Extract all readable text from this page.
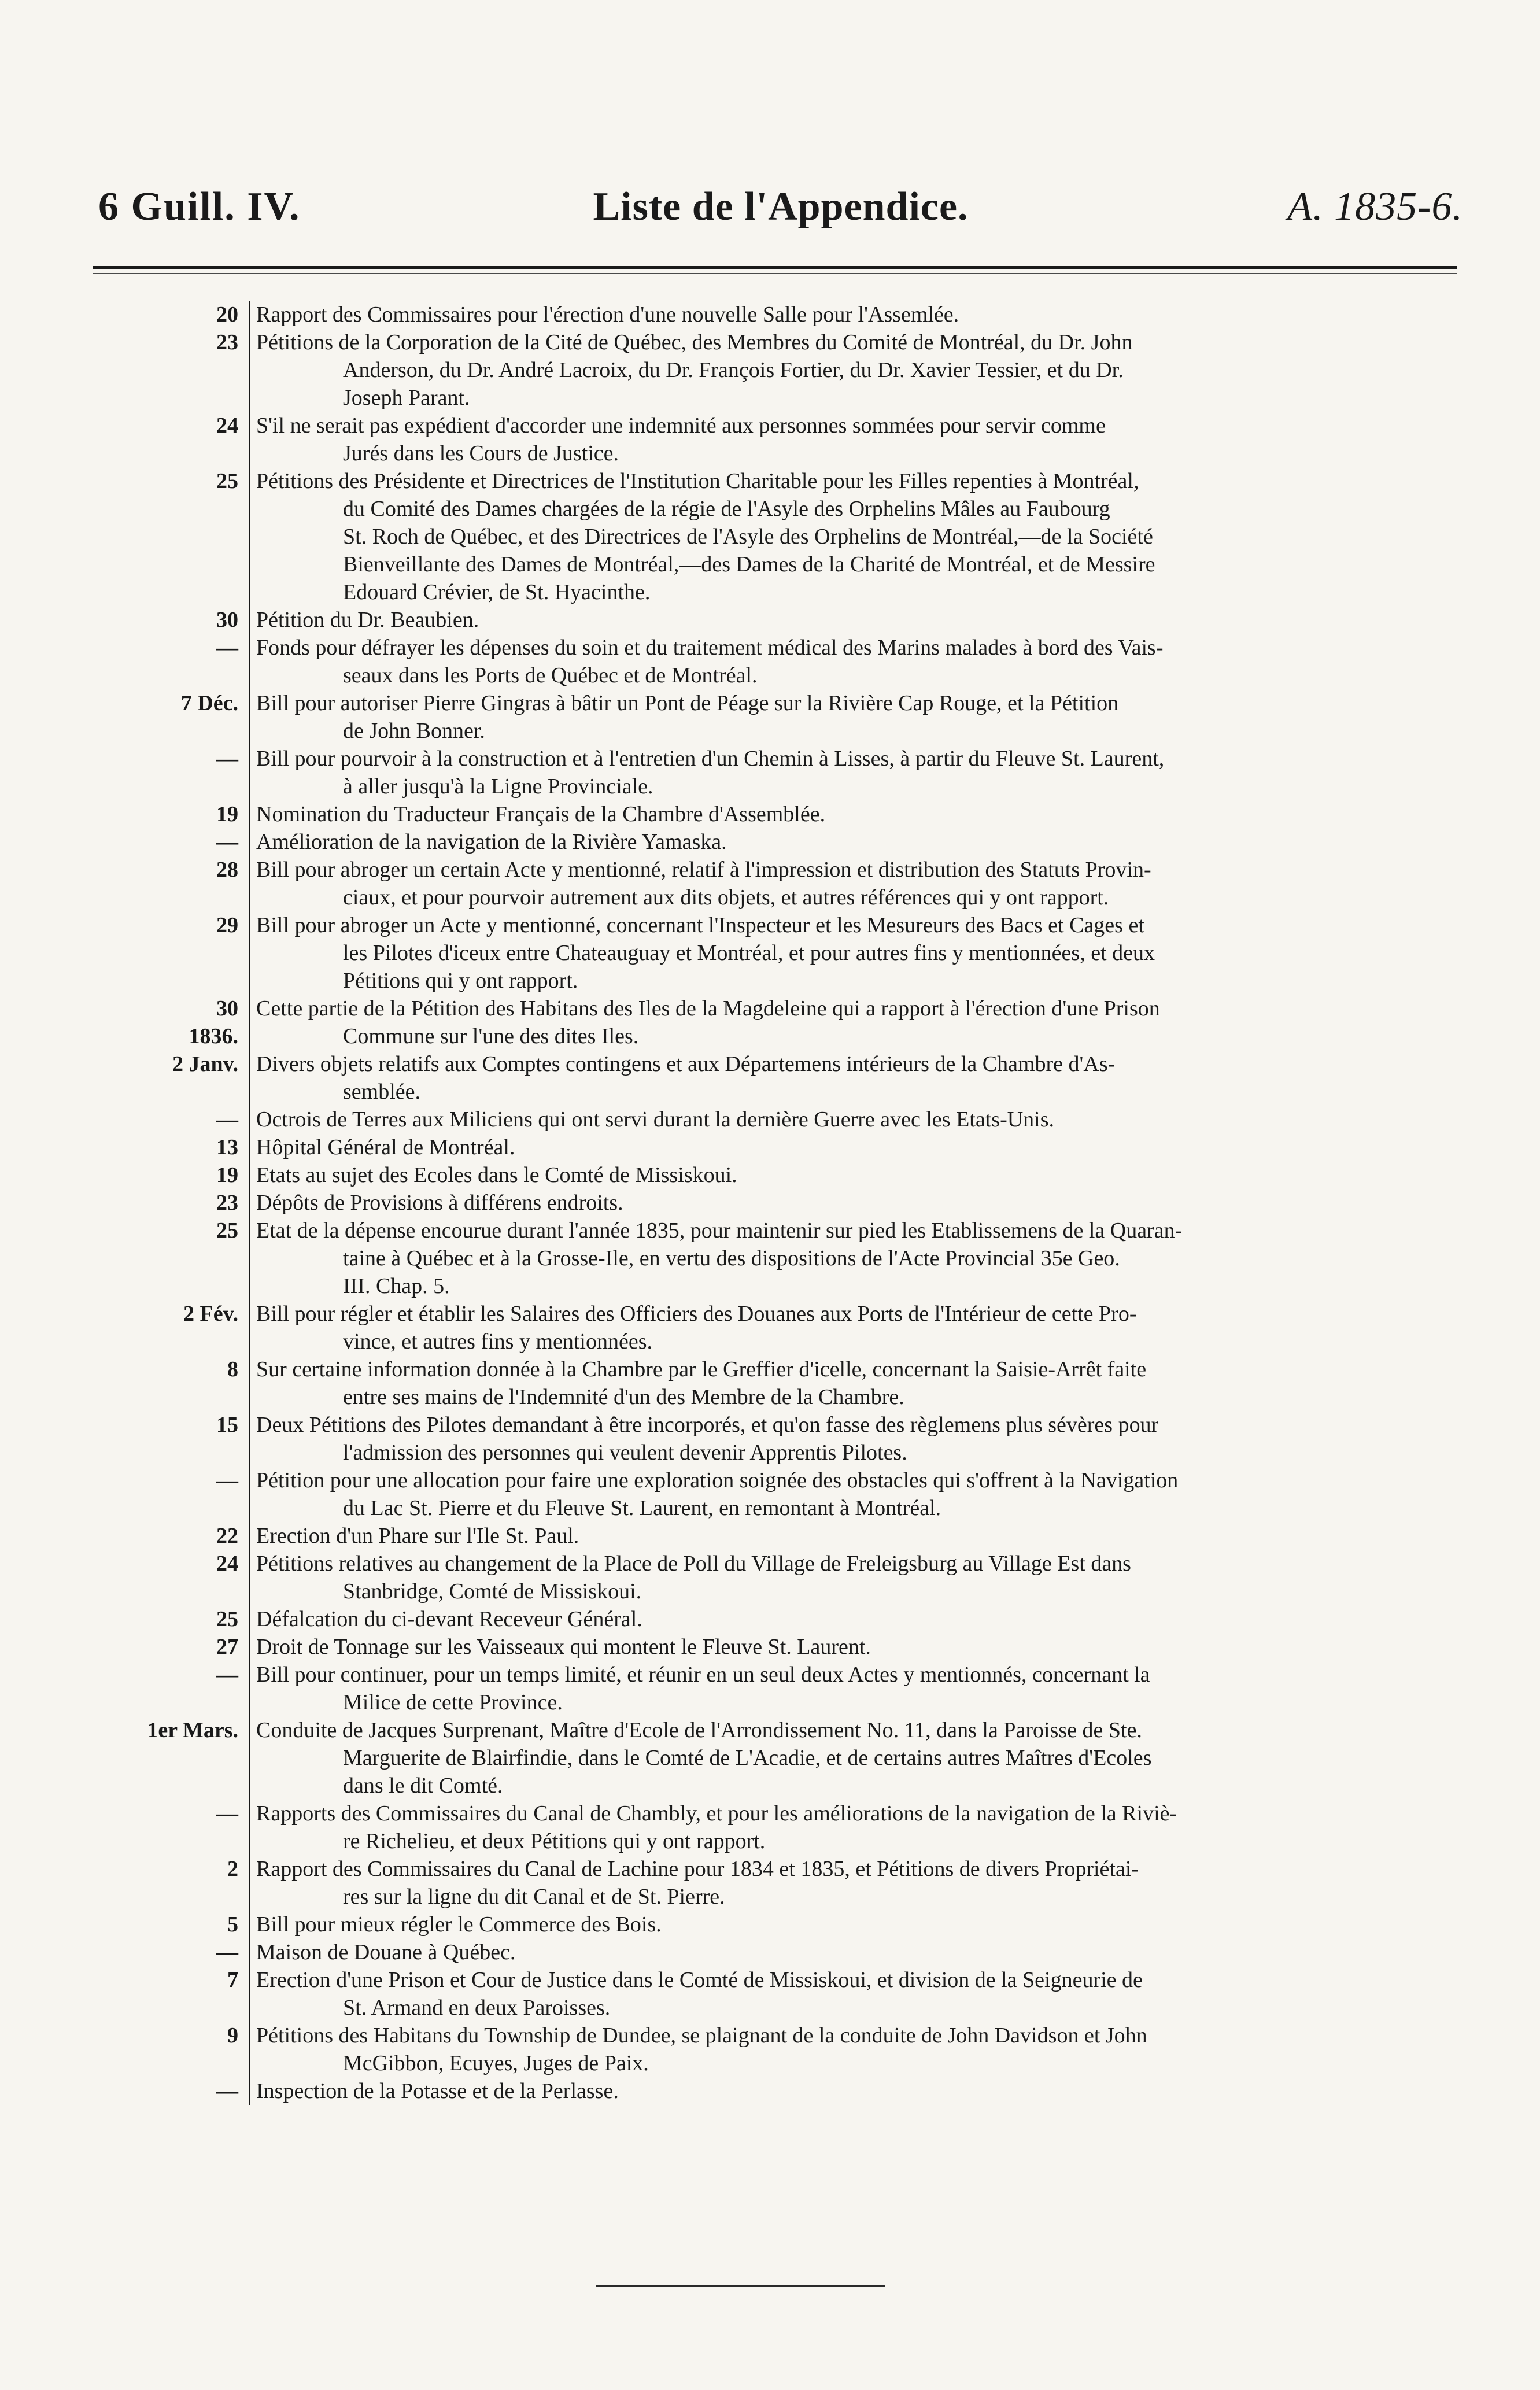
6 Guill. IV.	Liste de l'Appendice.	A. 1835-6.
20 Rapport des Commissaires pour l'érection d'une nouvelle Salle pour l'Assemlée.
23 Pétitions de la Corporation de la Cité de Québec, des Membres du Comité de Montréal, du Dr. John
Anderson, du Dr. André Lacroix, du Dr. François Fortier, du Dr. Xavier Tessier, et du Dr.
Joseph Parant.
24 S'il ne serait pas expédient d'accorder une indemnité aux personnes sommées pour servir comme
Jurés dans les Cours de Justice.
25 Pétitions des Présidente et Directrices de l'Institution Charitable pour les Filles repenties à Montréal,
du Comité des Dames chargées de la régie de l'Asyle des Orphelins Mâles au Faubourg
St. Roch de Québec, et des Directrices de l'Asyle des Orphelins de Montréal,—de la Société
Bienveillante des Dames de Montréal,—des Dames de la Charité de Montréal, et de Messire
Edouard Crévier, de St. Hyacinthe.
30 Pétition du Dr. Beaubien.
— Fonds pour défrayer les dépenses du soin et du traitement médical des Marins malades à bord des Vais-
seaux dans les Ports de Québec et de Montréal.
7 Déc. Bill pour autoriser Pierre Gingras à bâtir un Pont de Péage sur la Rivière Cap Rouge, et la Pétition
de John Bonner.
— Bill pour pourvoir à la construction et à l'entretien d'un Chemin à Lisses, à partir du Fleuve St. Laurent,
à aller jusqu'à la Ligne Provinciale.
19 Nomination du Traducteur Français de la Chambre d'Assemblée.
— Amélioration de la navigation de la Rivière Yamaska.
28 Bill pour abroger un certain Acte y mentionné, relatif à l'impression et distribution des Statuts Provin-
ciaux, et pour pourvoir autrement aux dits objets, et autres références qui y ont rapport.
29 Bill pour abroger un Acte y mentionné, concernant l'Inspecteur et les Mesureurs des Bacs et Cages et
les Pilotes d'iceux entre Chateauguay et Montréal, et pour autres fins y mentionnées, et deux
Pétitions qui y ont rapport.
30 Cette partie de la Pétition des Habitans des Iles de la Magdeleine qui a rapport à l'érection d'une Prison
1836.	Commune sur l'une des dites Iles.
2 Janv. Divers objets relatifs aux Comptes contingens et aux Départemens intérieurs de la Chambre d'As-
semblée.
— Octrois de Terres aux Miliciens qui ont servi durant la dernière Guerre avec les Etats-Unis.
13 Hôpital Général de Montréal.
19 Etats au sujet des Ecoles dans le Comté de Missiskoui.
23 Dépôts de Provisions à différens endroits.
25 Etat de la dépense encourue durant l'année 1835, pour maintenir sur pied les Etablissemens de la Quaran-
taine à Québec et à la Grosse-Ile, en vertu des dispositions de l'Acte Provincial 35e Geo.
III. Chap. 5.
2 Fév. Bill pour régler et établir les Salaires des Officiers des Douanes aux Ports de l'Intérieur de cette Pro-
vince, et autres fins y mentionnées.
8 Sur certaine information donnée à la Chambre par le Greffier d'icelle, concernant la Saisie-Arrêt faite
entre ses mains de l'Indemnité d'un des Membre de la Chambre.
15 Deux Pétitions des Pilotes demandant à être incorporés, et qu'on fasse des règlemens plus sévères pour
l'admission des personnes qui veulent devenir Apprentis Pilotes.
— Pétition pour une allocation pour faire une exploration soignée des obstacles qui s'offrent à la Navigation
du Lac St. Pierre et du Fleuve St. Laurent, en remontant à Montréal.
22 Erection d'un Phare sur l'Ile St. Paul.
24 Pétitions relatives au changement de la Place de Poll du Village de Freleigsburg au Village Est dans
Stanbridge, Comté de Missiskoui.
25 Défalcation du ci-devant Receveur Général.
27 Droit de Tonnage sur les Vaisseaux qui montent le Fleuve St. Laurent.
— Bill pour continuer, pour un temps limité, et réunir en un seul deux Actes y mentionnés, concernant la
Milice de cette Province.
1er Mars. Conduite de Jacques Surprenant, Maître d'Ecole de l'Arrondissement No. 11, dans la Paroisse de Ste.
Marguerite de Blairfindie, dans le Comté de L'Acadie, et de certains autres Maîtres d'Ecoles
dans le dit Comté.
— Rapports des Commissaires du Canal de Chambly, et pour les améliorations de la navigation de la Riviè-
re Richelieu, et deux Pétitions qui y ont rapport.
2 Rapport des Commissaires du Canal de Lachine pour 1834 et 1835, et Pétitions de divers Propriétai-
res sur la ligne du dit Canal et de St. Pierre.
5 Bill pour mieux régler le Commerce des Bois.
— Maison de Douane à Québec.
7 Erection d'une Prison et Cour de Justice dans le Comté de Missiskoui, et division de la Seigneurie de
St. Armand en deux Paroisses.
9 Pétitions des Habitans du Township de Dundee, se plaignant de la conduite de John Davidson et John
McGibbon, Ecuyes, Juges de Paix.
— Inspection de la Potasse et de la Perlasse.
